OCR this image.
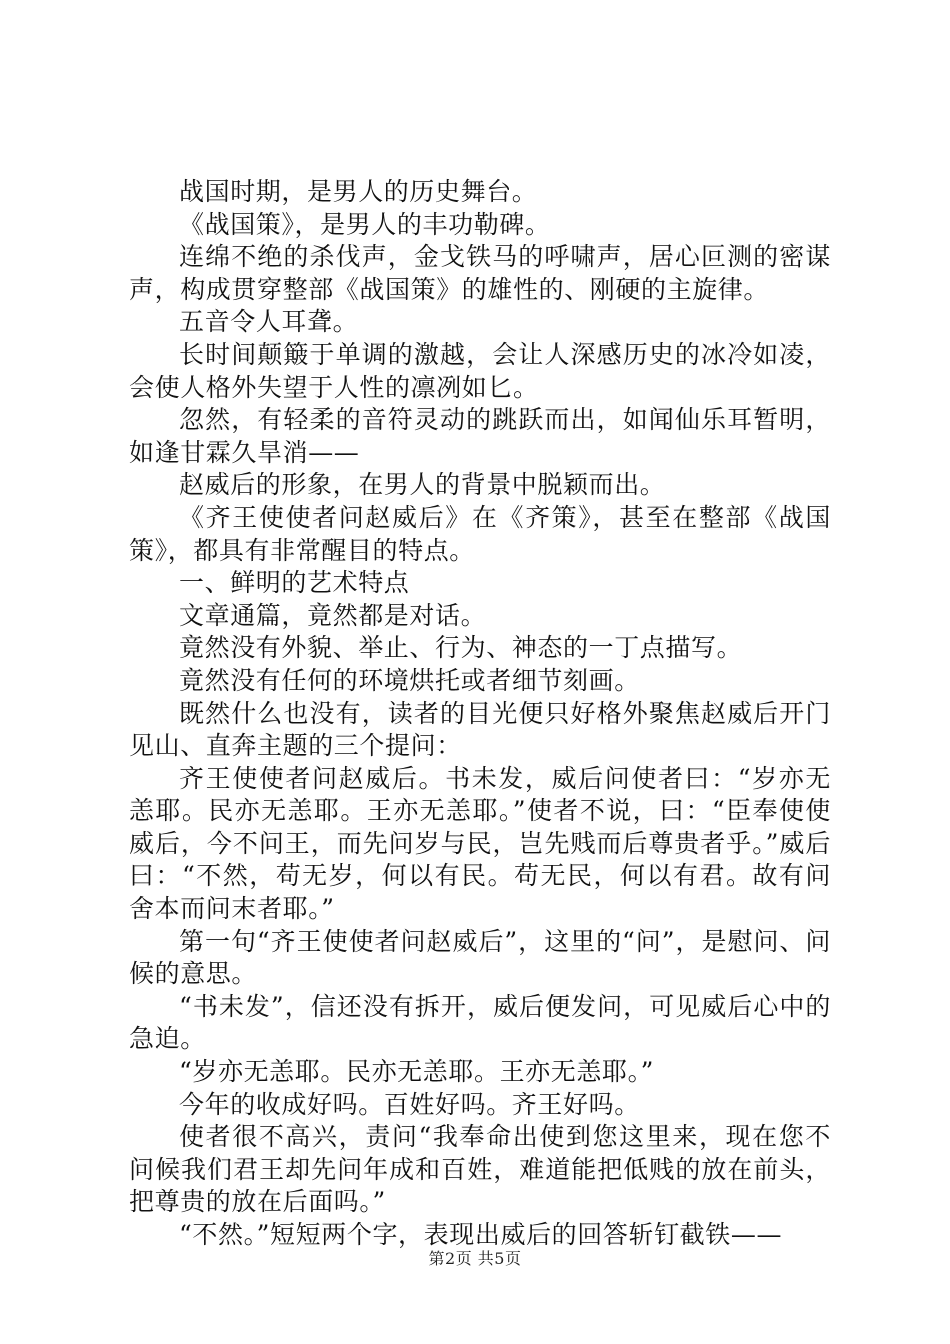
战国时期，是男人的历史舞台。

《战国策》，是男人的丰功勒碑。

连绵不绝的杀伐声，金戈铁马的呼啸声，居心叵测的密谋声，构成贯穿整部《战国策》的雄性的、刚硬的主旋律。

五音令人耳聋。

长时间颠簸于单调的激越，会让人深感历史的冰冷如凌，会使人格外失望于人性的凛冽如匕。

忽然，有轻柔的音符灵动的跳跃而出，如闻仙乐耳暂明，如逢甘霖久旱消——

赵威后的形象，在男人的背景中脱颖而出。

《齐王使使者问赵威后》在《齐策》，甚至在整部《战国策》，都具有非常醒目的特点。

一、鲜明的艺术特点

文章通篇，竟然都是对话。

竟然没有外貌、举止、行为、神态的一丁点描写。

竟然没有任何的环境烘托或者细节刻画。

既然什么也没有，读者的目光便只好格外聚焦赵威后开门见山、直奔主题的三个提问：

齐王使使者问赵威后。书未发，威后问使者曰：“岁亦无恙耶。民亦无恙耶。王亦无恙耶。”使者不说，曰：“臣奉使使威后，今不问王，而先问岁与民，岂先贱而后尊贵者乎。”威后曰：“不然，苟无岁，何以有民。苟无民，何以有君。故有问舍本而问末者耶。”

第一句“齐王使使者问赵威后”，这里的“问”，是慰问、问候的意思。

“书未发”，信还没有拆开，威后便发问，可见威后心中的急迫。

“岁亦无恙耶。民亦无恙耶。王亦无恙耶。”

今年的收成好吗。百姓好吗。齐王好吗。

使者很不高兴，责问“我奉命出使到您这里来，现在您不问候我们君王却先问年成和百姓，难道能把低贱的放在前头，把尊贵的放在后面吗。”

“不然。”短短两个字，表现出威后的回答斩钉截铁——

第2页 共5页
